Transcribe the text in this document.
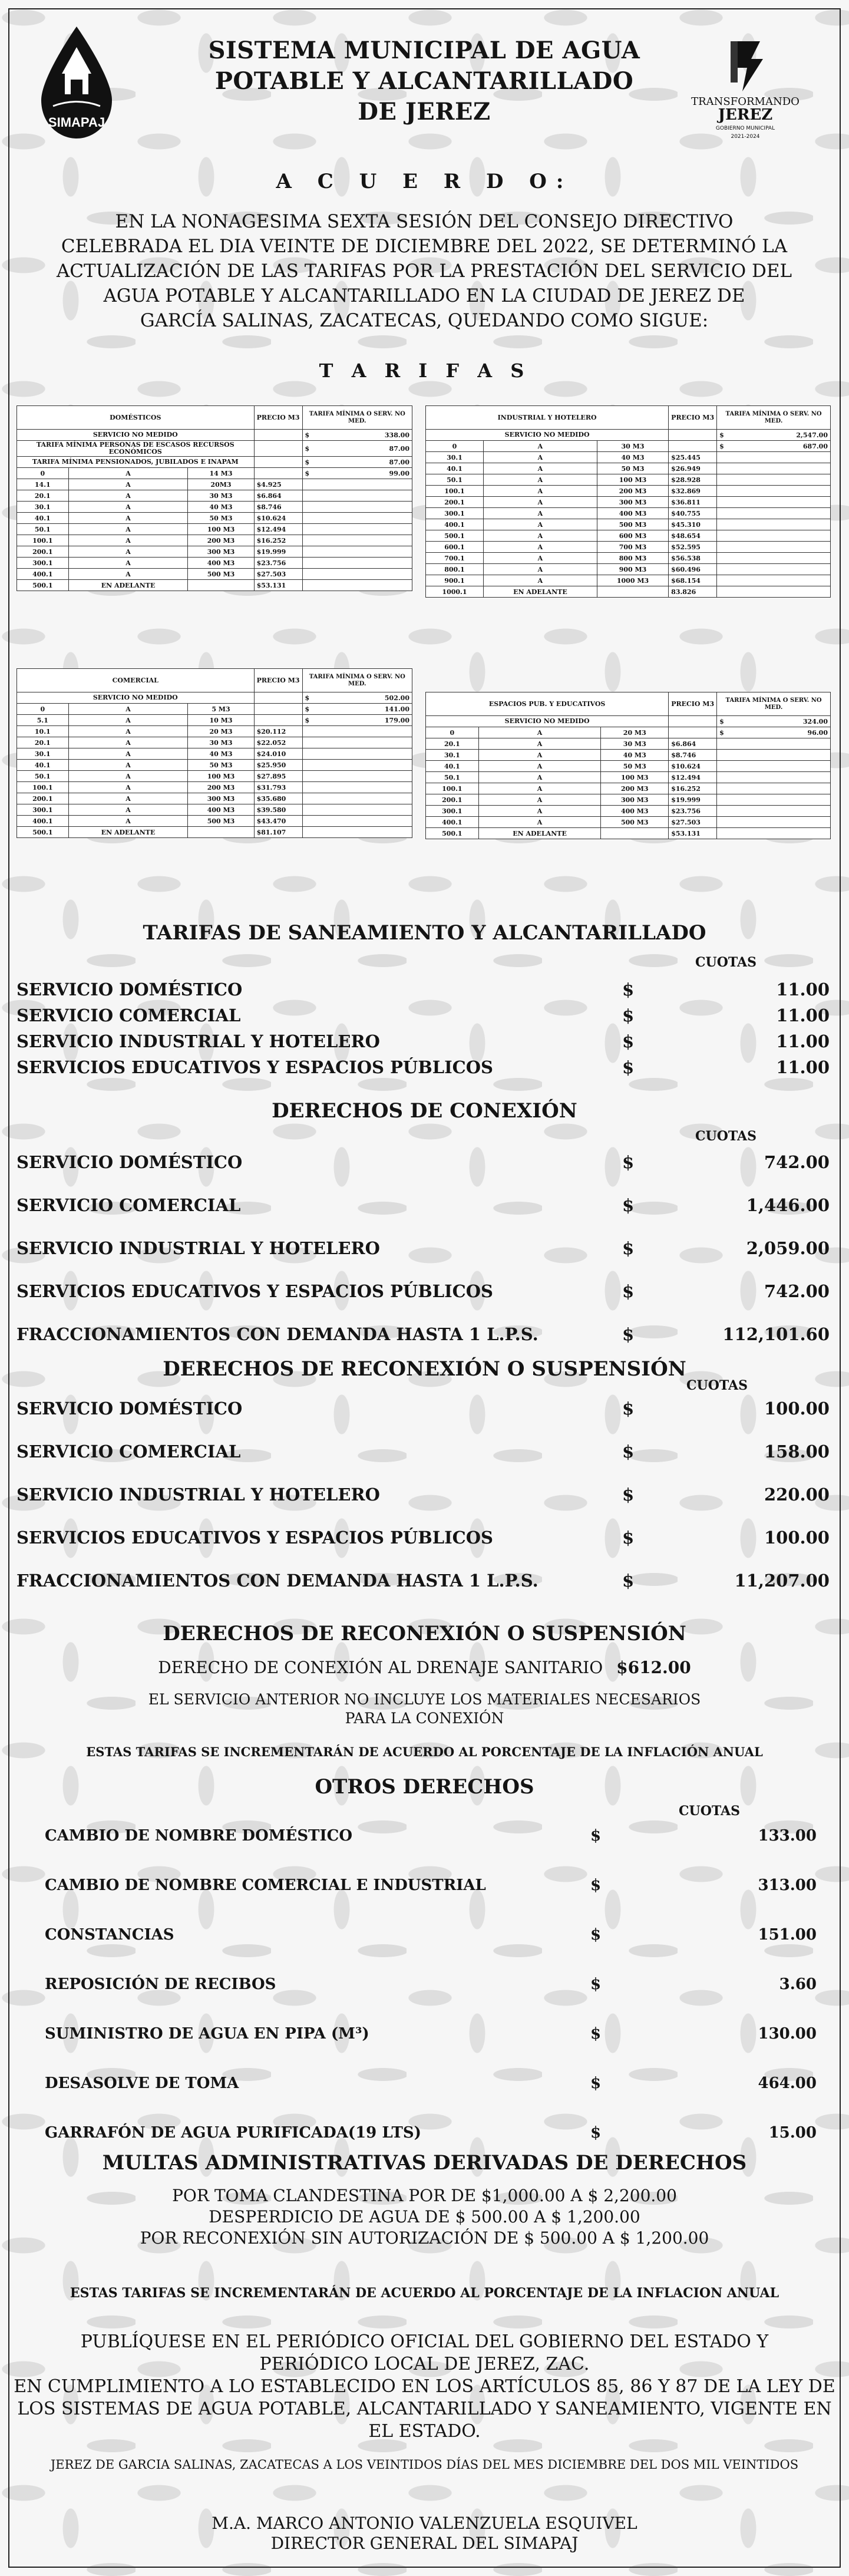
SIMAPAJ
SISTEMA MUNICIPAL DE AGUA
POTABLE Y ALCANTARILLADO
DE JEREZ	TRANSFORMANDO
JEREZ
GOBIERNO MUNICIPAL
2021-2024
A C U E R D O:
EN LA NONAGESIMA SEXTA SESIÓN DEL CONSEJO DIRECTIVO
CELEBRADA EL DIA VEINTE DE DICIEMBRE DEL 2022, SE DETERMINÓ LA
ACTUALIZACIÓN DE LAS TARIFAS POR LA PRESTACIÓN DEL SERVICIO DEL
AGUA POTABLE Y ALCANTARILLADO EN LA CIUDAD DE JEREZ DE
GARCÍA SALINAS, ZACATECAS, QUEDANDO COMO SIGUE:
T A R I F A S
DOMÉSTICOS			PRECIO M3	TARIFA MÍNIMA O SERV. NO MED.	
SERVICIO NO MEDIDO				$	338.00
TARIFA MÍNIMA PERSONAS DE ESCASOS RECURSOS ECONÓMICOS				$	87.00
TARIFA MÍNIMA PENSIONADOS, JUBILADOS E INAPAM				$	87.00
0	A	14 M3		$	99.00
14.1	A	20M3	$4.925		
20.1	A	30 M3	$6.864		
30.1	A	40 M3	$8.746		
40.1	A	50 M3	$10.624		
50.1	A	100 M3	$12.494		
100.1	A	200 M3	$16.252		
200.1	A	300 M3	$19.999		
300.1	A	400 M3	$23.756		
400.1	A	500 M3	$27.503		
500.1	EN ADELANTE		$53.131		
INDUSTRIAL Y HOTELERO			PRECIO M3	TARIFA MÍNIMA O SERV. NO MED.	
SERVICIO NO MEDIDO				$	2,547.00
0	A	30 M3		$	687.00
30.1	A	40 M3	$25.445		
40.1	A	50 M3	$26.949		
50.1	A	100 M3	$28.928		
100.1	A	200 M3	$32.869		
200.1	A	300 M3	$36.811		
300.1	A	400 M3	$40.755		
400.1	A	500 M3	$45.310		
500.1	A	600 M3	$48.654		
600.1	A	700 M3	$52.595		
700.1	A	800 M3	$56.538		
800.1	A	900 M3	$60.496		
900.1	A	1000 M3	$68.154		
1000.1	EN ADELANTE		83.826		
COMERCIAL			PRECIO M3	TARIFA MÍNIMA O SERV. NO MED.	
SERVICIO NO MEDIDO				$	502.00
0	A	5 M3		$	141.00
5.1	A	10 M3		$	179.00
10.1	A	20 M3	$20.112		
20.1	A	30 M3	$22.052		
30.1	A	40 M3	$24.010		
40.1	A	50 M3	$25.950		
50.1	A	100 M3	$27.895		
100.1	A	200 M3	$31.793		
200.1	A	300 M3	$35.680		
300.1	A	400 M3	$39.580		
400.1	A	500 M3	$43.470		
500.1	EN ADELANTE		$81.107		
ESPACIOS PUB. Y EDUCATIVOS			PRECIO M3	TARIFA MÍNIMA O SERV. NO MED.	
SERVICIO NO MEDIDO				$	324.00
0	A	20 M3		$	96.00
20.1	A	30 M3	$6.864		
30.1	A	40 M3	$8.746		
40.1	A	50 M3	$10.624		
50.1	A	100 M3	$12.494		
100.1	A	200 M3	$16.252		
200.1	A	300 M3	$19.999		
300.1	A	400 M3	$23.756		
400.1	A	500 M3	$27.503		
500.1	EN ADELANTE		$53.131		
TARIFAS DE SANEAMIENTO Y ALCANTARILLADO
CUOTAS
SERVICIO DOMÉSTICO	$	11.00
SERVICIO COMERCIAL	$	11.00
SERVICIO INDUSTRIAL Y HOTELERO	$	11.00
SERVICIOS EDUCATIVOS Y ESPACIOS PÚBLICOS	$	11.00
DERECHOS DE CONEXIÓN
CUOTAS
SERVICIO DOMÉSTICO	$	742.00
SERVICIO COMERCIAL	$	1,446.00
SERVICIO INDUSTRIAL Y HOTELERO	$	2,059.00
SERVICIOS EDUCATIVOS Y ESPACIOS PÚBLICOS	$	742.00
FRACCIONAMIENTOS CON DEMANDA HASTA 1 L.P.S.	$	112,101.60
DERECHOS DE RECONEXIÓN O SUSPENSIÓN
CUOTAS
SERVICIO DOMÉSTICO	$	100.00
SERVICIO COMERCIAL	$	158.00
SERVICIO INDUSTRIAL Y HOTELERO	$	220.00
SERVICIOS EDUCATIVOS Y ESPACIOS PÚBLICOS	$	100.00
FRACCIONAMIENTOS CON DEMANDA HASTA 1 L.P.S.	$	11,207.00
DERECHOS DE RECONEXIÓN O SUSPENSIÓN
DERECHO DE CONEXIÓN AL DRENAJE SANITARIO $612.00
EL SERVICIO ANTERIOR NO INCLUYE LOS MATERIALES NECESARIOS
PARA LA CONEXIÓN
ESTAS TARIFAS SE INCREMENTARÁN DE ACUERDO AL PORCENTAJE DE LA INFLACIÓN ANUAL
OTROS DERECHOS
CUOTAS
CAMBIO DE NOMBRE DOMÉSTICO	$	133.00
CAMBIO DE NOMBRE COMERCIAL E INDUSTRIAL	$	313.00
CONSTANCIAS	$	151.00
REPOSICIÓN DE RECIBOS	$	3.60
SUMINISTRO DE AGUA EN PIPA (M³)	$	130.00
DESASOLVE DE TOMA	$	464.00
GARRAFÓN DE AGUA PURIFICADA(19 LTS)	$	15.00
MULTAS ADMINISTRATIVAS DERIVADAS DE DERECHOS
POR TOMA CLANDESTINA POR DE $1,000.00 A $ 2,200.00
DESPERDICIO DE AGUA DE $ 500.00 A $ 1,200.00
POR RECONEXIÓN SIN AUTORIZACIÓN DE $ 500.00 A $ 1,200.00
ESTAS TARIFAS SE INCREMENTARÁN DE ACUERDO AL PORCENTAJE DE LA INFLACION ANUAL
PUBLÍQUESE EN EL PERIÓDICO OFICIAL DEL GOBIERNO DEL ESTADO Y
PERIÓDICO LOCAL DE JEREZ, ZAC.
EN CUMPLIMIENTO A LO ESTABLECIDO EN LOS ARTÍCULOS 85, 86 Y 87 DE LA LEY DE
LOS SISTEMAS DE AGUA POTABLE, ALCANTARILLADO Y SANEAMIENTO, VIGENTE EN
EL ESTADO.
JEREZ DE GARCIA SALINAS, ZACATECAS A LOS VEINTIDOS DÍAS DEL MES DICIEMBRE DEL DOS MIL VEINTIDOS
M.A. MARCO ANTONIO VALENZUELA ESQUIVEL
DIRECTOR GENERAL DEL SIMAPAJ
